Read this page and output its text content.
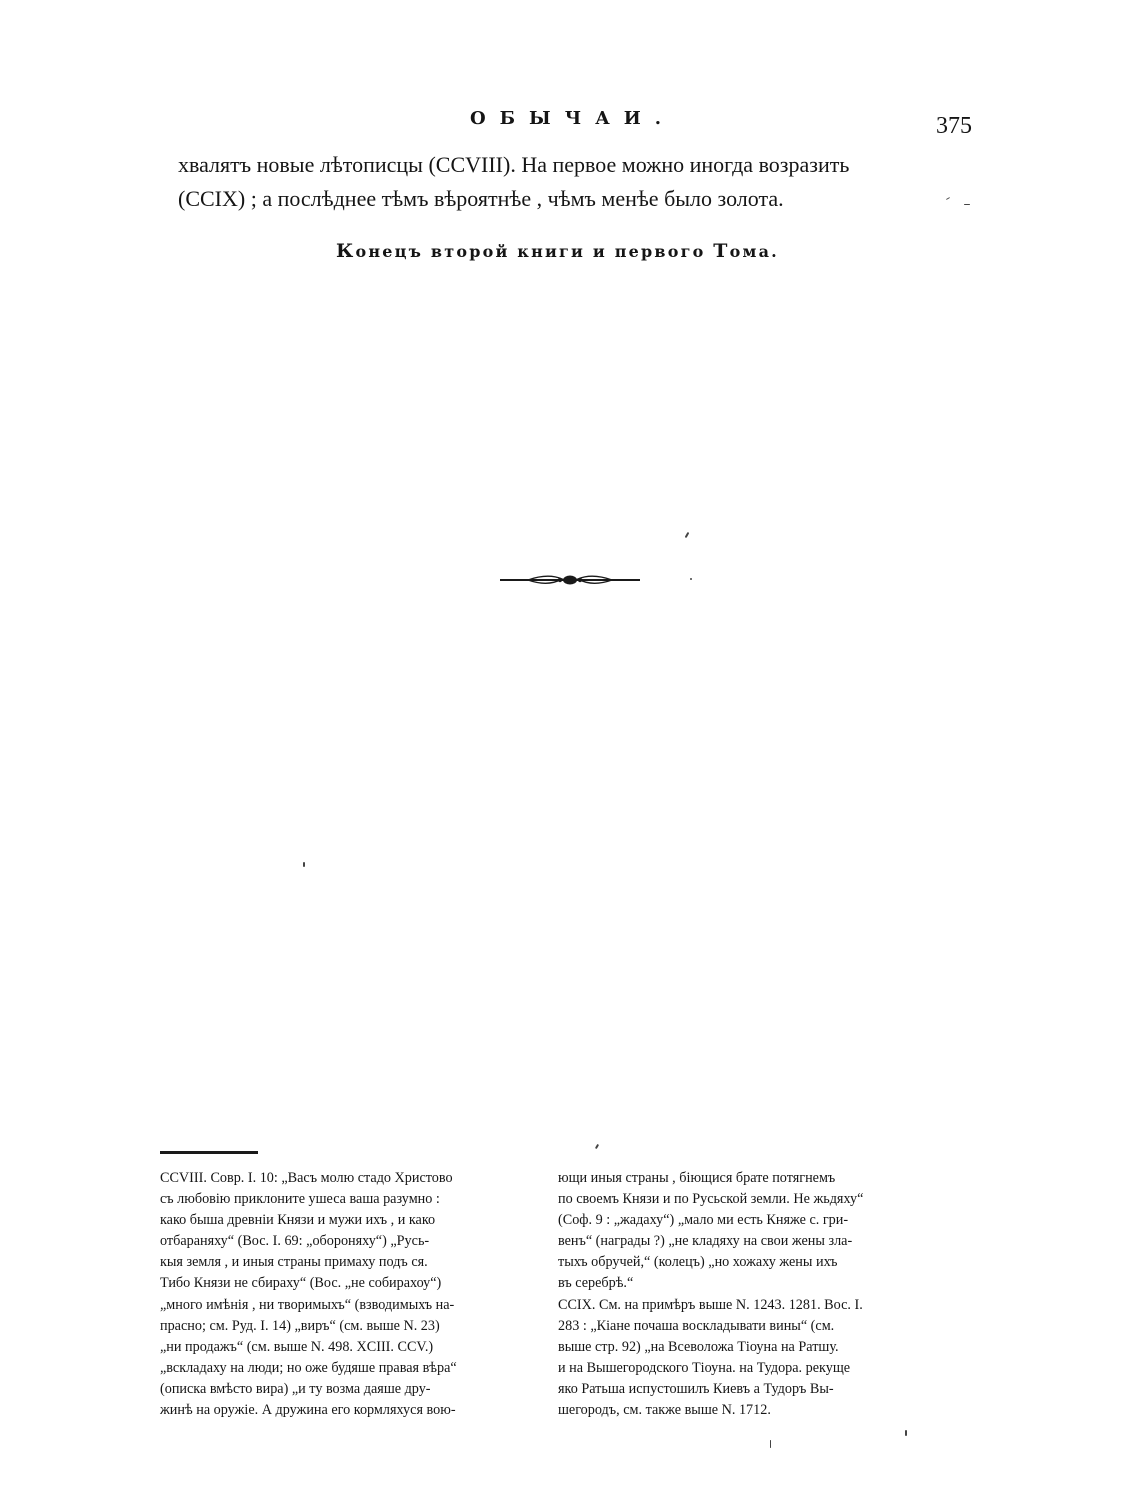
ОБЫЧАИ.	375
хвалятъ новые лѣтописцы (CCVIII). На первое можно иногда возразить
(CCIX) ; а послѣднее тѣмъ вѣроятнѣе , чѣмъ менѣе было золота.
Конецъ второй книги и первого Тома.
CCVIII. Совр. I. 10: „Васъ молю стадо Христово
съ любовію приклоните ушеса ваша разумно :
како быша древніи Князи и мужи ихъ , и како
отбараняху“ (Вос. I. 69: „обороняху“) „Русь-
кыя земля , и иныя страны примаху подъ ся.
Тибо Князи не сбираху“ (Вос. „не собирахоу“)
„много имѣнія , ни творимыхъ“ (взводимыхъ на-
прасно; см. Руд. I. 14) „виръ“ (см. выше N. 23)
„ни продажъ“ (см. выше N. 498. XCIII. CCV.)
„вскладаху на люди; но оже будяше правая вѣра“
(описка вмѣсто вира) „и ту возма даяше дру-
жинѣ на оружіе. А дружина его кормляхуся вою-
ющи иныя страны , біющися брате потягнемъ
по своемъ Князи и по Русьской земли. Не жьдяху“
(Соф. 9 : „жадаху“) „мало ми есть Княже с. гри-
венъ“ (награды ?) „не кладяху на свои жены зла-
тыхъ обручей,“ (колецъ) „но хожаху жены ихъ
въ серебрѣ.“
CCIX. См. на примѣръ выше N. 1243. 1281. Вос. I.
283 : „Кіане почаша воскладывати вины“ (см.
выше стр. 92) „на Всеволожа Тіоуна на Ратшу.
и на Вышегородского Тіоуна. на Тудора. рекуще
яко Ратьша испустошилъ Киевъ а Тудоръ Вы-
шегородъ, см. также выше N. 1712.
